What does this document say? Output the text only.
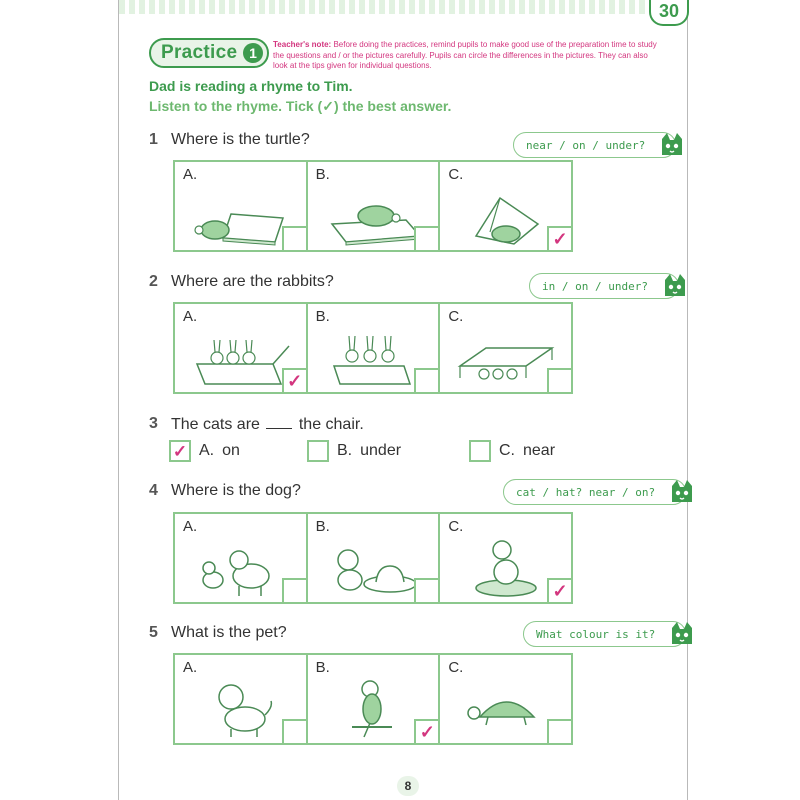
30
Practice 1
Teacher's note: Before doing the practices, remind pupils to make good use of the preparation time to study the questions and / or the pictures carefully. Pupils can circle the differences in the pictures. They can also look at the tips given for individual questions.
Dad is reading a rhyme to Tim.
Listen to the rhyme. Tick (✓) the best answer.
1 Where is the turtle?	near / on / under?
A.	B.	C.
✓
2 Where are the rabbits?	in / on / under?
A.
✓
B.	C.
3 The cats are the chair.
✓ A. on	B. under	C. near
4 Where is the dog?	cat / hat? near / on?
A.	B.	C.
✓
5 What is the pet?	What colour is it?
A.	B.
✓
C.
8
